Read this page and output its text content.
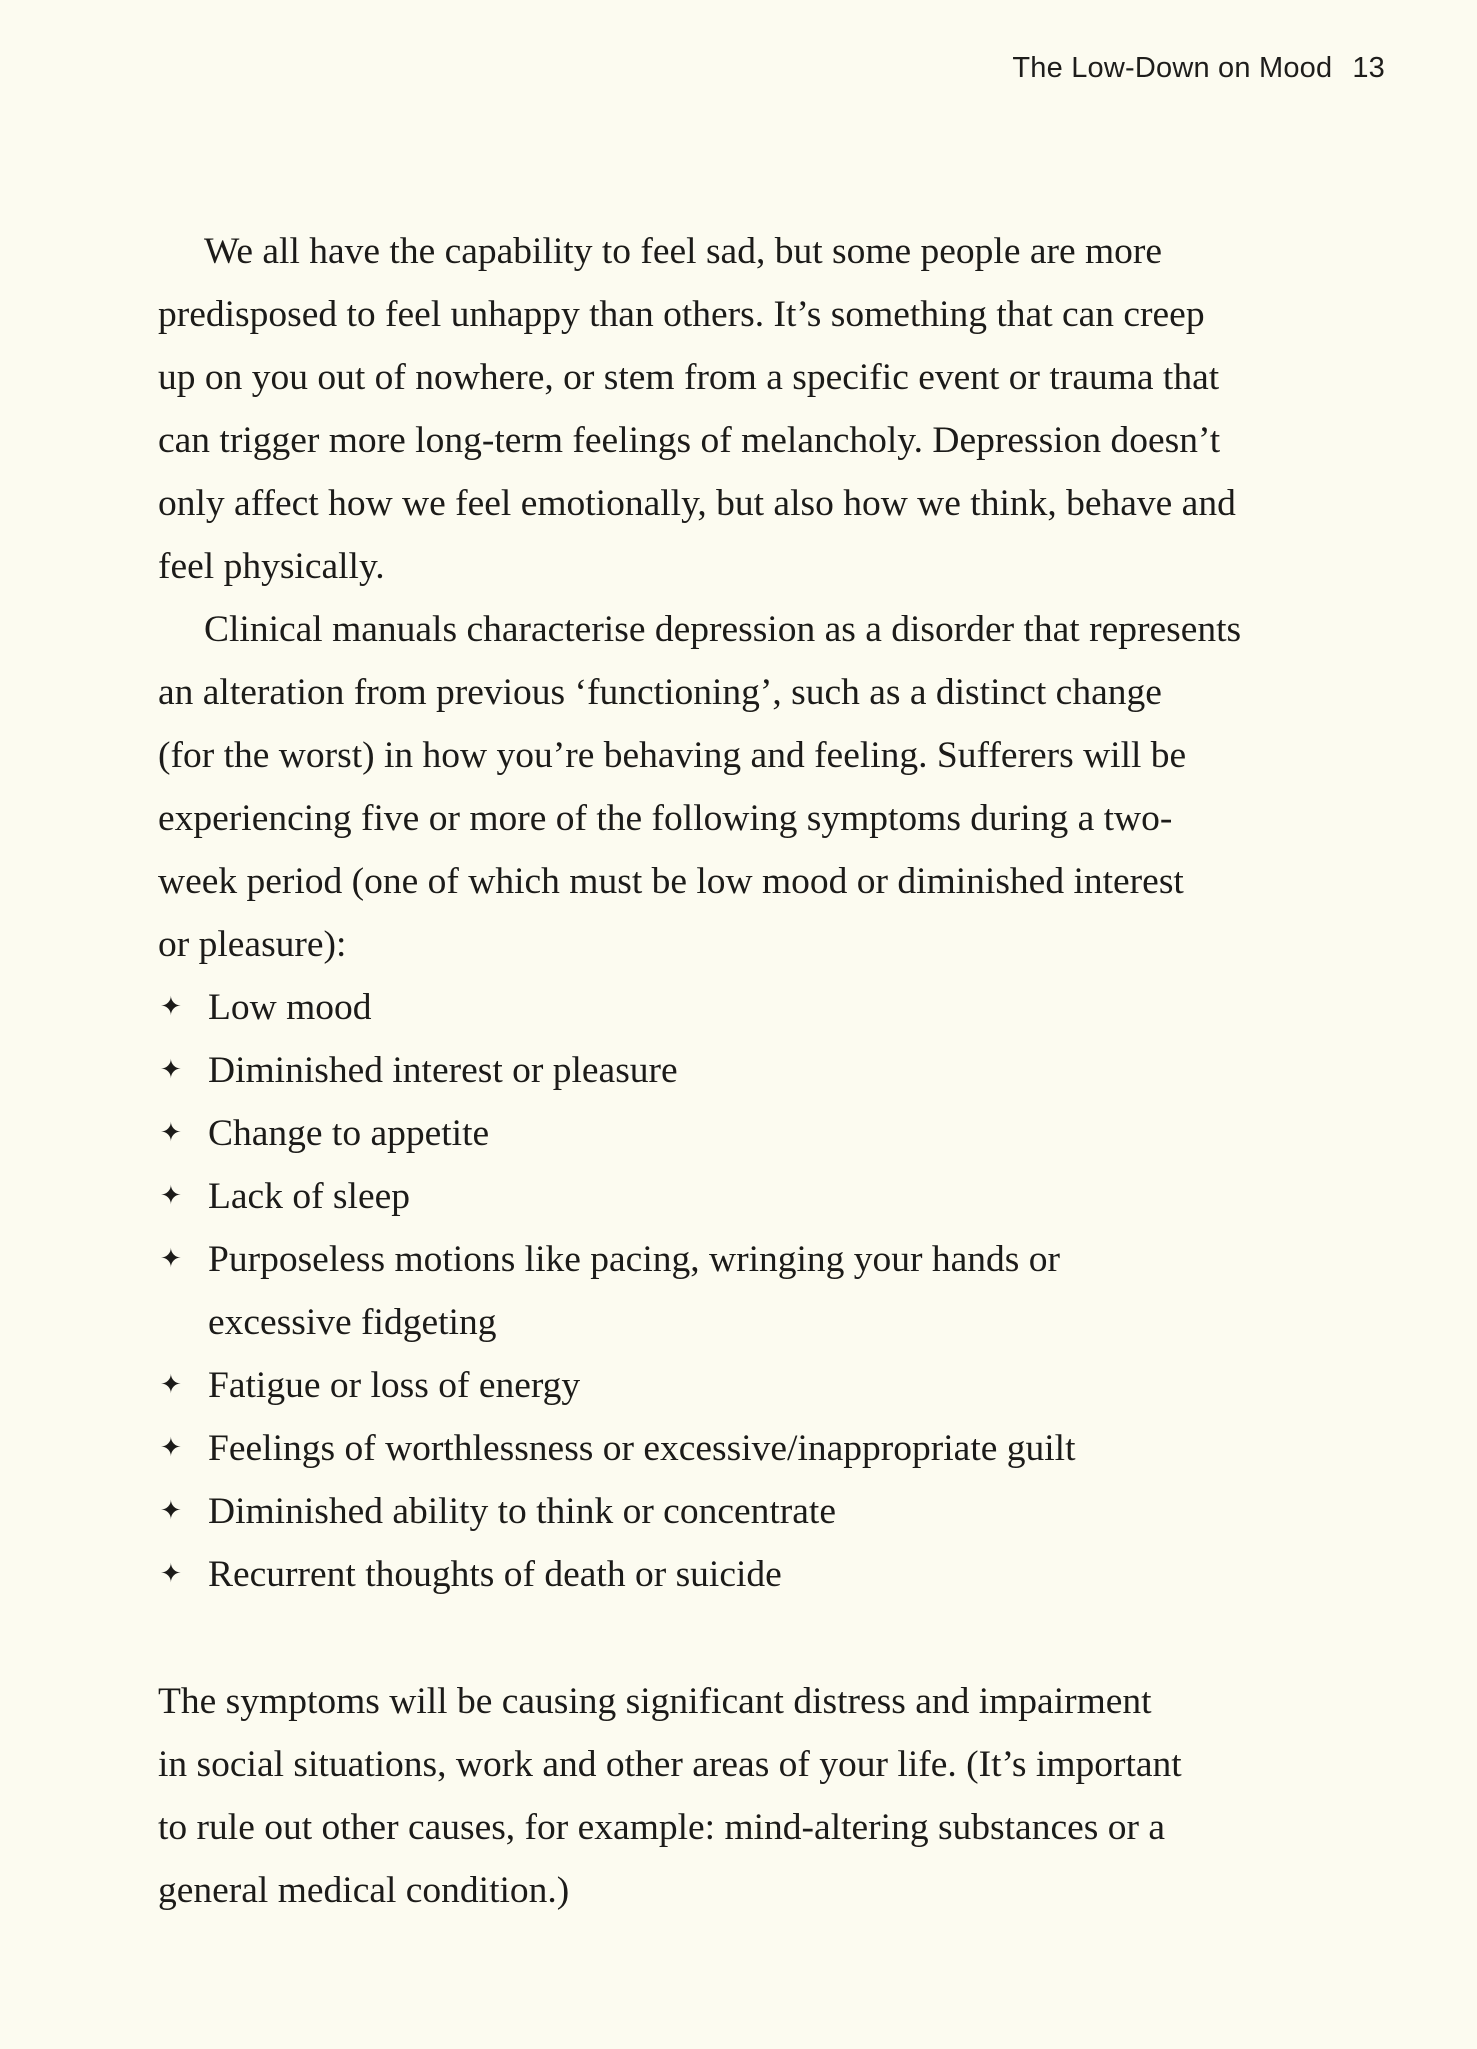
The Low-Down on Mood 13

We all have the capability to feel sad, but some people are more
predisposed to feel unhappy than others. It’s something that can creep
up on you out of nowhere, or stem from a specific event or trauma that
can trigger more long-term feelings of melancholy. Depression doesn’t
only affect how we feel emotionally, but also how we think, behave and
feel physically.

Clinical manuals characterise depression as a disorder that represents
an alteration from previous ‘functioning’, such as a distinct change
(for the worst) in how you’re behaving and feeling. Sufferers will be
experiencing five or more of the following symptoms during a two-
week period (one of which must be low mood or diminished interest
or pleasure):

✦ Low mood
✦ Diminished interest or pleasure
✦ Change to appetite
✦ Lack of sleep
✦ Purposeless motions like pacing, wringing your hands or
excessive fidgeting
✦ Fatigue or loss of energy
✦ Feelings of worthlessness or excessive/inappropriate guilt
✦ Diminished ability to think or concentrate
✦ Recurrent thoughts of death or suicide

The symptoms will be causing significant distress and impairment
in social situations, work and other areas of your life. (It’s important
to rule out other causes, for example: mind-altering substances or a
general medical condition.)
